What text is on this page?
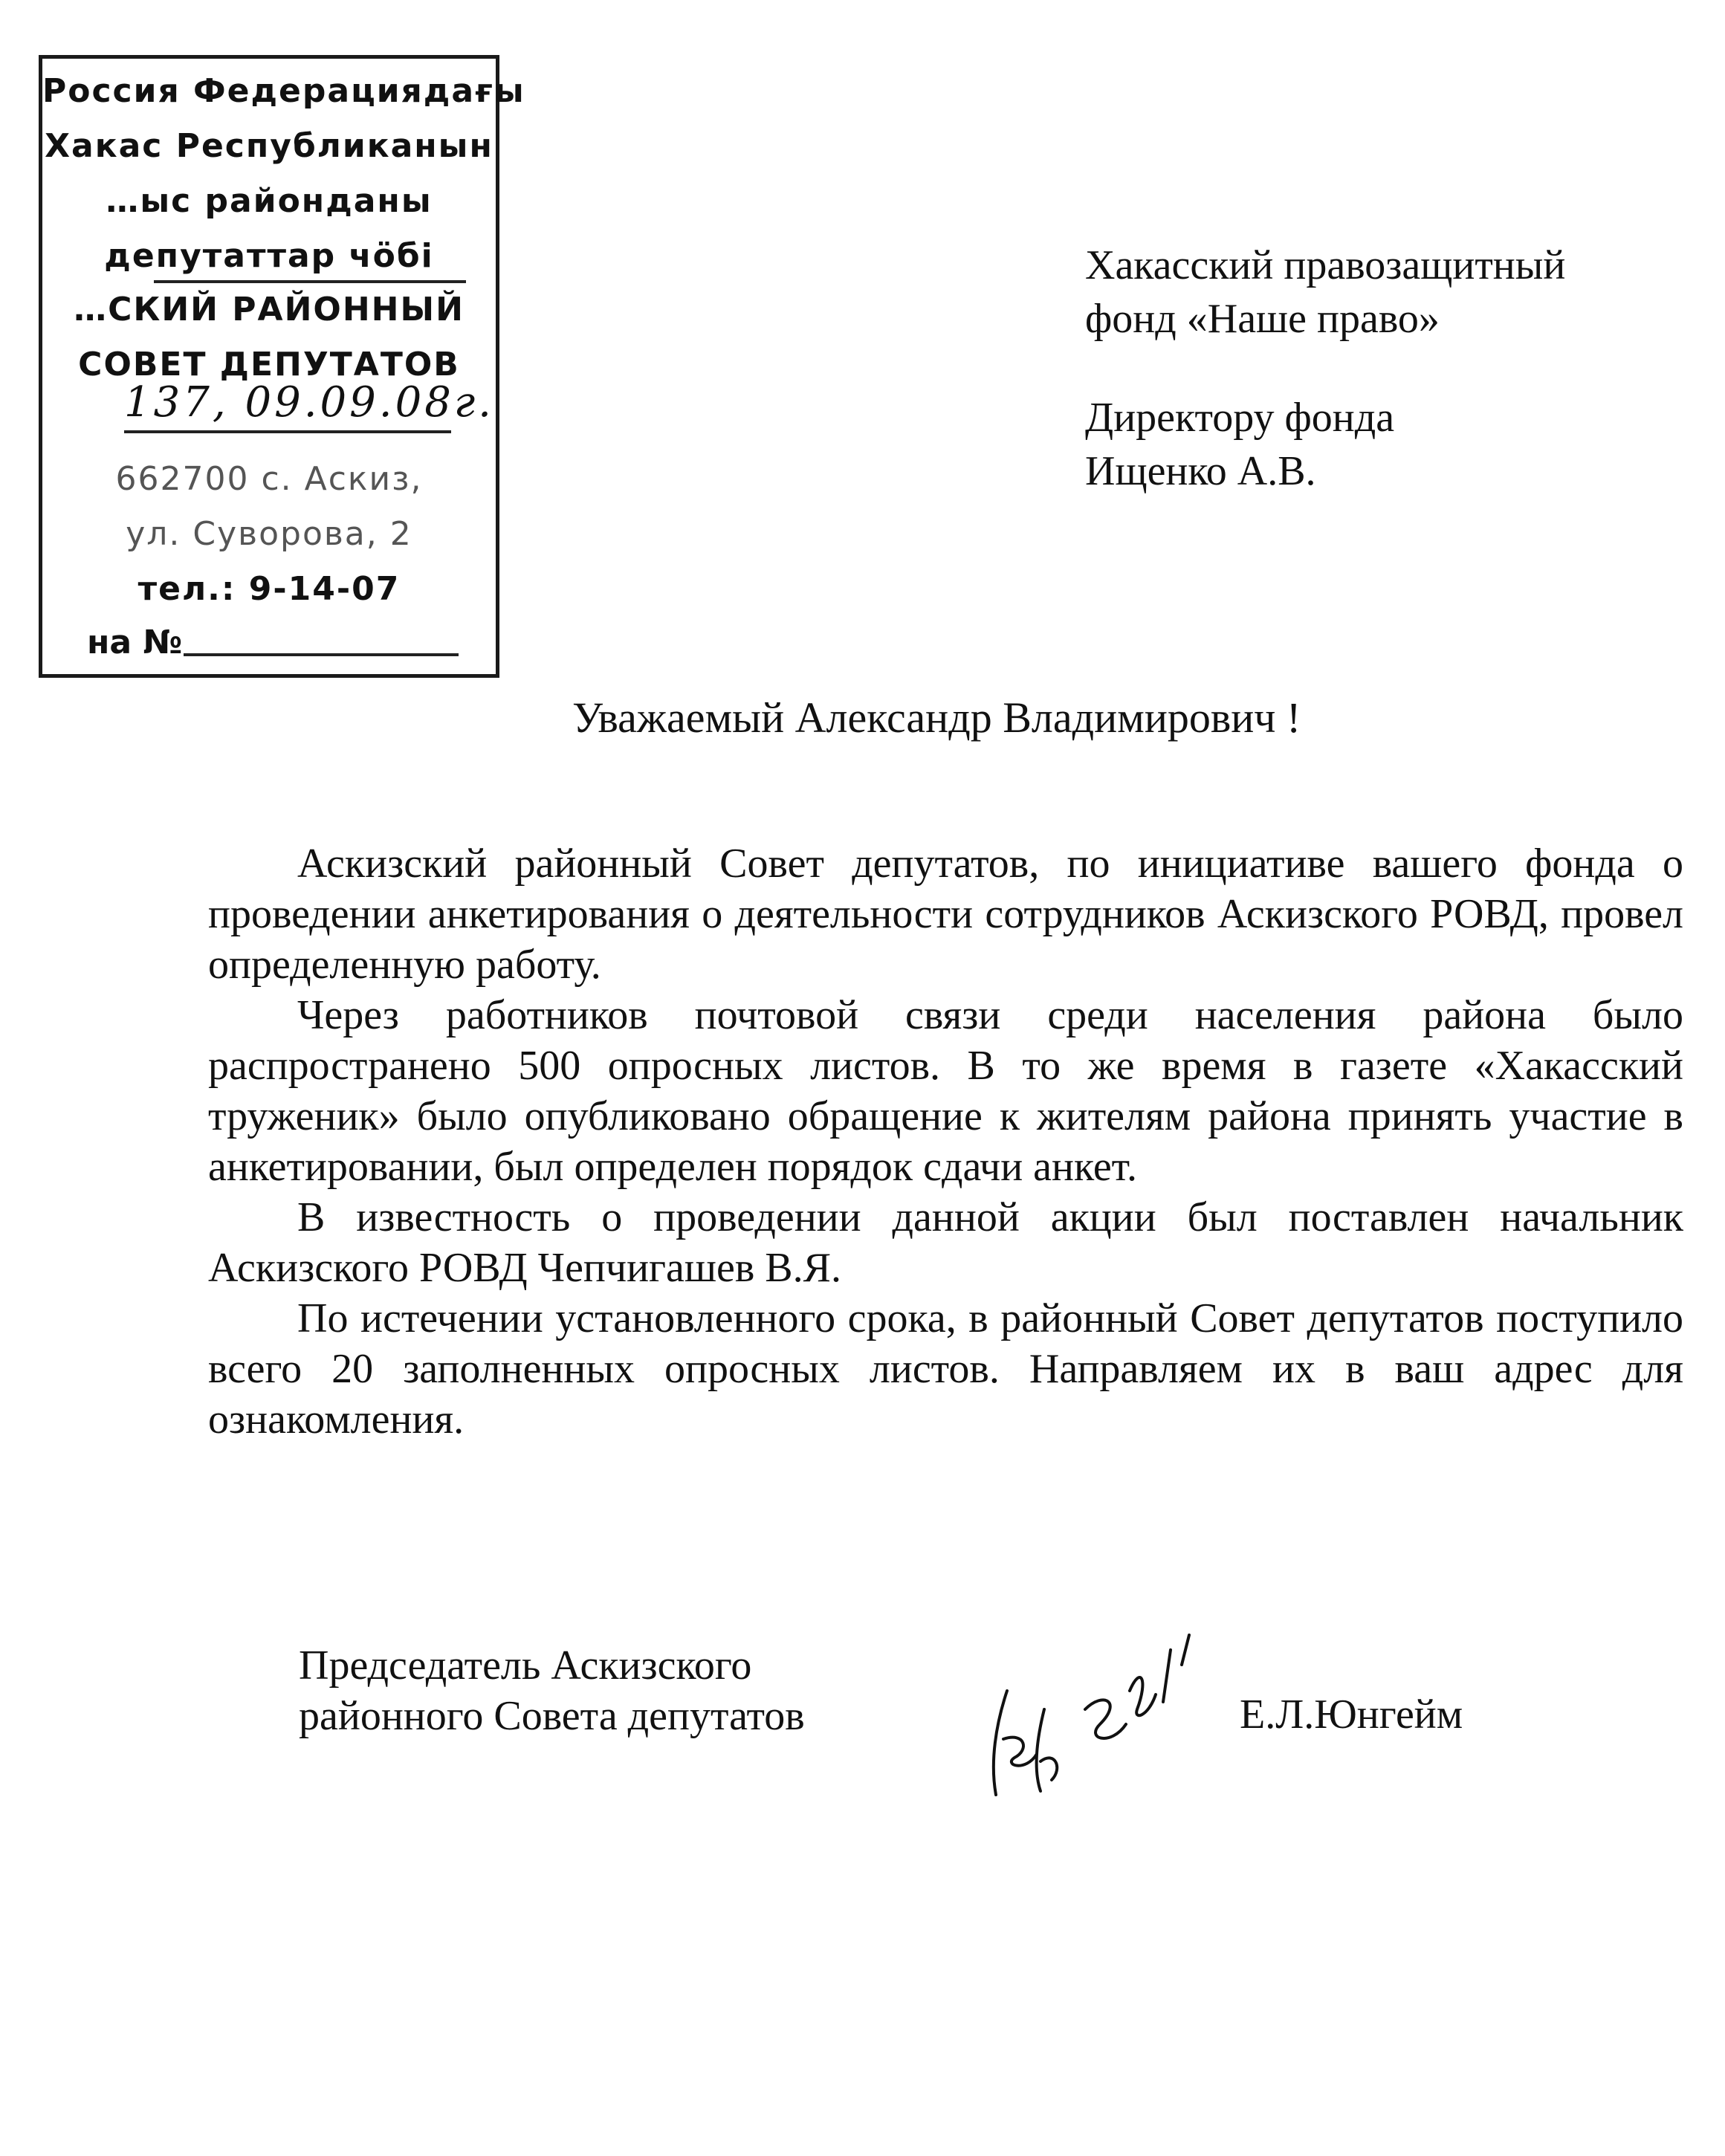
Россия Федерациядағы
Хакас Республиканын
…ыс районданы
депутаттар чӧбi
…СКИЙ РАЙОННЫЙ
СОВЕТ ДЕПУТАТОВ
137, 09.09.08г.
662700 с. Аскиз,
ул. Суворова, 2
тел.: 9-14-07
на №
Хакасский правозащитный
фонд «Наше право»
Директору фонда
Ищенко А.В.
Уважаемый Александр Владимирович !

Аскизский районный Совет депутатов, по инициативе вашего фонда о проведении анкетирования о деятельности сотрудников Аскизского РОВД, провел определенную работу.

Через работников почтовой связи среди населения района было распространено 500 опросных листов. В то же время в газете «Хакасский труженик» было опубликовано обращение к жителям района принять участие в анкетировании, был определен порядок сдачи анкет.

В известность о проведении данной акции был поставлен начальник Аскизского РОВД Чепчигашев В.Я.

По истечении установленного срока, в районный Совет депутатов поступило всего 20 заполненных опросных листов. Направляем их в ваш адрес для ознакомления.

Председатель Аскизского
районного Совета депутатов	Е.Л.Юнгейм
